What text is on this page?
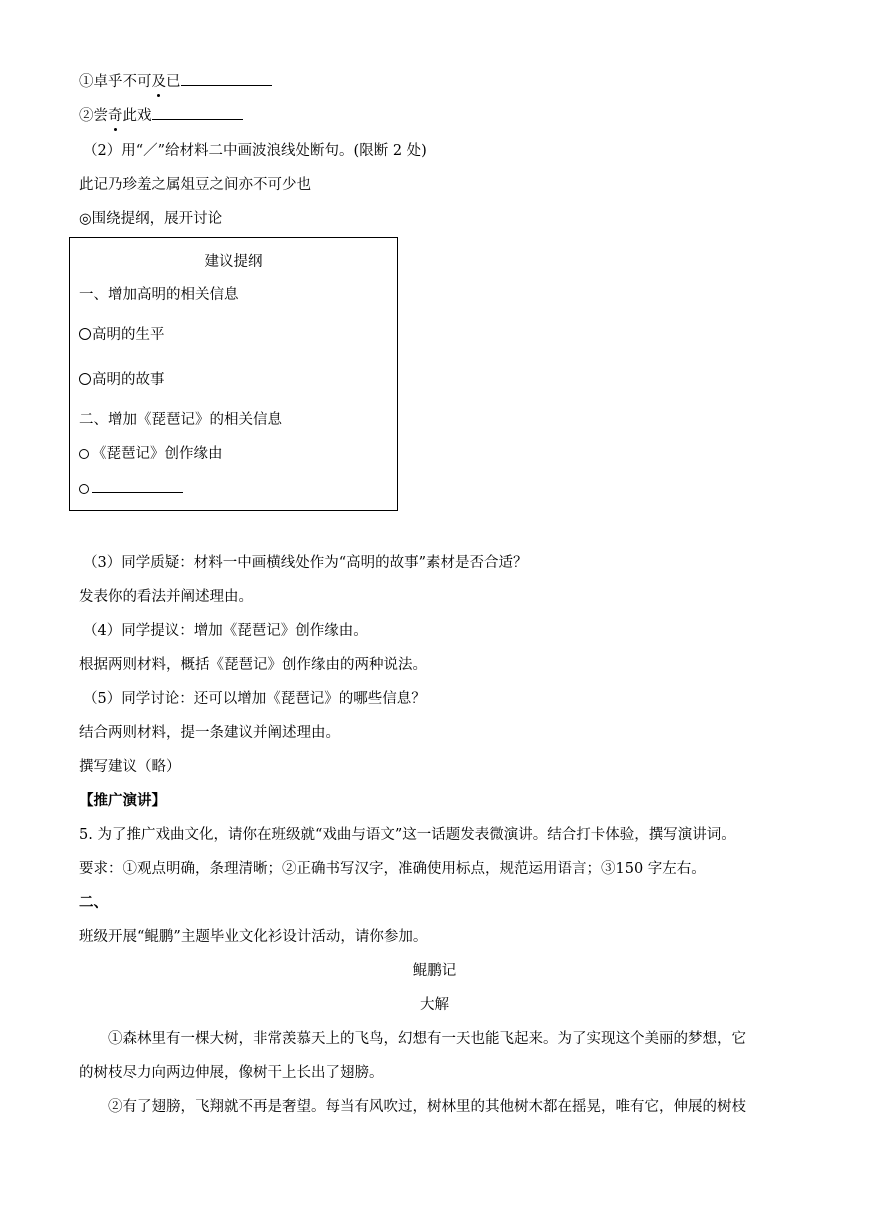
①卓乎不可及已
②尝奇此戏
（2）用“／”给材料二中画波浪线处断句。(限断 2 处)
此记乃珍羞之属俎豆之间亦不可少也
◎围绕提纲，展开讨论
建议提纲
一、增加高明的相关信息
高明的生平
高明的故事
二、增加《琵琶记》的相关信息
《琵琶记》创作缘由
（3）同学质疑：材料一中画横线处作为“高明的故事”素材是否合适？
发表你的看法并阐述理由。
（4）同学提议：增加《琵琶记》创作缘由。
根据两则材料，概括《琵琶记》创作缘由的两种说法。
（5）同学讨论：还可以增加《琵琶记》的哪些信息？
结合两则材料，提一条建议并阐述理由。
撰写建议（略）
【推广演讲】
5. 为了推广戏曲文化，请你在班级就“戏曲与语文”这一话题发表微演讲。结合打卡体验，撰写演讲词。
要求：①观点明确，条理清晰；②正确书写汉字，准确使用标点，规范运用语言；③150 字左右。
二、
班级开展“鲲鹏”主题毕业文化衫设计活动，请你参加。
鲲鹏记
大解
①森林里有一棵大树，非常羡慕天上的飞鸟，幻想有一天也能飞起来。为了实现这个美丽的梦想，它
的树枝尽力向两边伸展，像树干上长出了翅膀。
②有了翅膀，飞翔就不再是奢望。每当有风吹过，树林里的其他树木都在摇晃，唯有它，伸展的树枝
